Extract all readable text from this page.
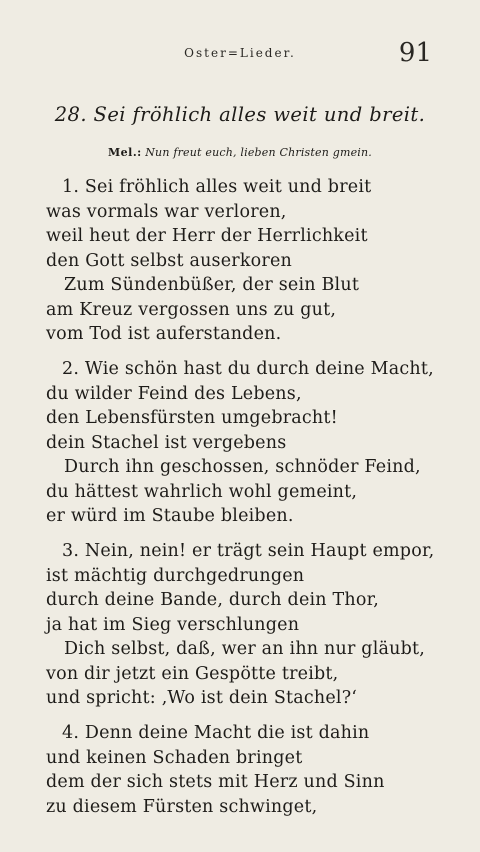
Oster=Lieder.	91
28. Sei fröhlich alles weit und breit.
Mel.: Nun freut euch, lieben Christen gmein.
1. Sei fröhlich alles weit und breit
was vormals war verloren,
weil heut der Herr der Herrlichkeit
den Gott selbst auserkoren
Zum Sündenbüßer, der sein Blut
am Kreuz vergossen uns zu gut,
vom Tod ist auferstanden.
2. Wie schön hast du durch deine Macht,
du wilder Feind des Lebens,
den Lebensfürsten umgebracht!
dein Stachel ist vergebens
Durch ihn geschossen, schnöder Feind,
du hättest wahrlich wohl gemeint,
er würd im Staube bleiben.
3. Nein, nein! er trägt sein Haupt empor,
ist mächtig durchgedrungen
durch deine Bande, durch dein Thor,
ja hat im Sieg verschlungen
Dich selbst, daß, wer an ihn nur gläubt,
von dir jetzt ein Gespötte treibt,
und spricht: ‚Wo ist dein Stachel?‘
4. Denn deine Macht die ist dahin
und keinen Schaden bringet
dem der sich stets mit Herz und Sinn
zu diesem Fürsten schwinget,
